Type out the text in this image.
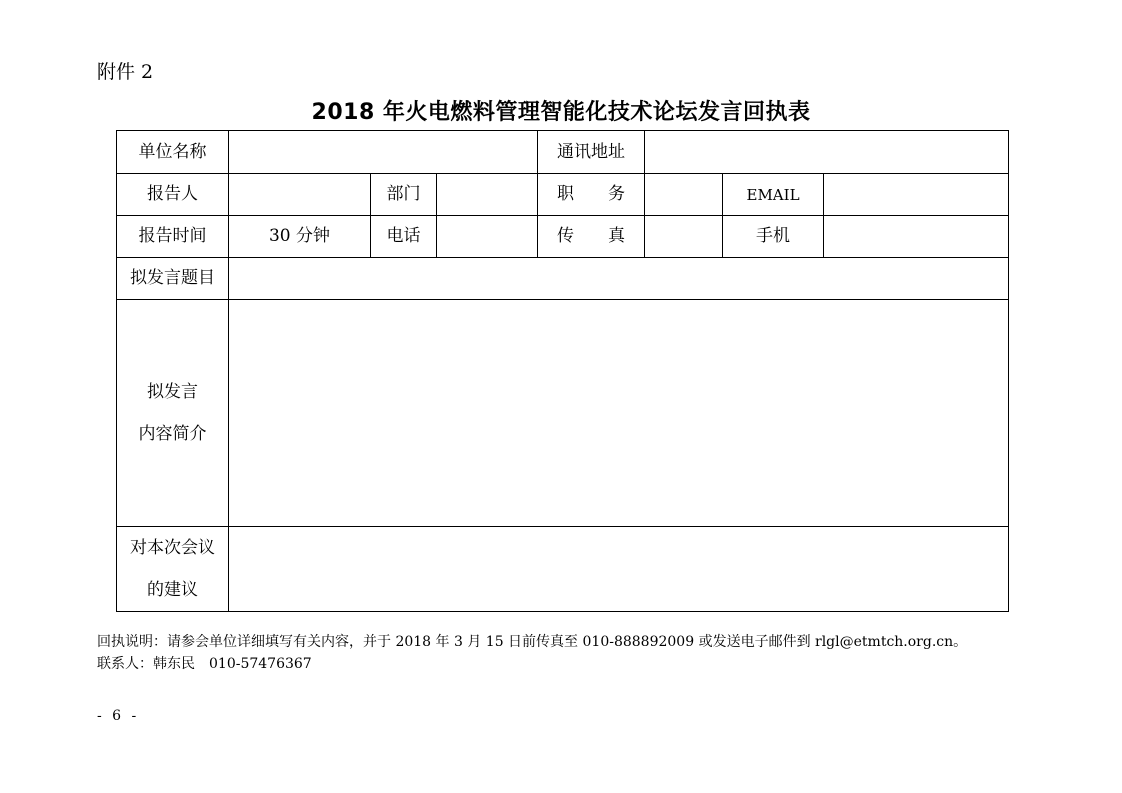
附件 2
2018 年火电燃料管理智能化技术论坛发言回执表
单位名称				通讯地址			
报告人		部门		职　　务		EMAIL	
报告时间	30 分钟	电话		传　　真		手机	
拟发言题目							

拟发言
内容简介							

对本次会议
的建议							

回执说明：请参会单位详细填写有关内容，并于 2018 年 3 月 15 日前传真至 010-888892009 或发送电子邮件到 rlgl@etmtch.org.cn。
联系人：韩东民　010-57476367
- 6 -
